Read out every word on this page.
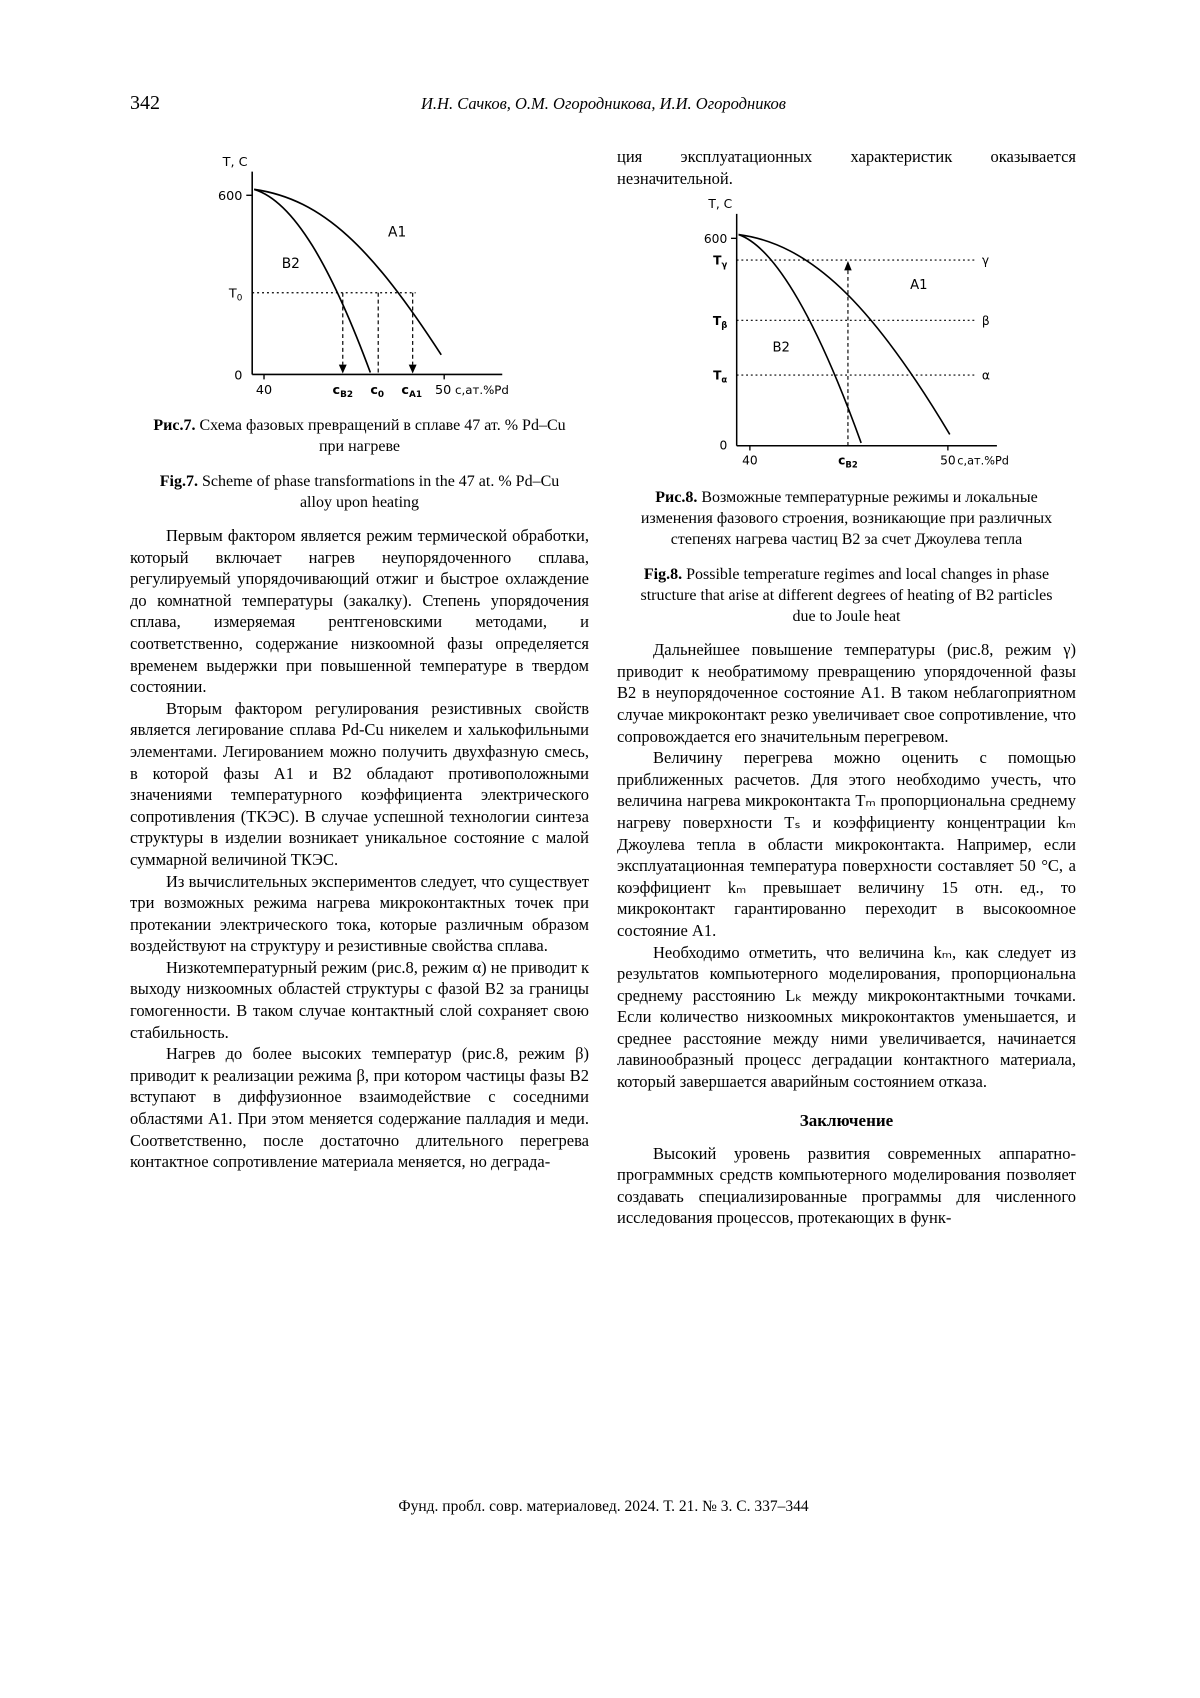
342	И.Н. Сачков, О.М. Огородникова, И.И. Огородников
T, C
600
$T_0$
0
B2
A1
40	$c_{B2}$ $c_0$ $c_{A1}$ 50 c,ат.%Pd

Рис.7. Схема фазовых превращений в сплаве 47 ат. % Pd–Cu при нагреве

Fig.7. Scheme of phase transformations in the 47 at. % Pd–Cu alloy upon heating

Первым фактором является режим термической обработки, который включает нагрев неупорядоченного сплава, регулируемый упорядочивающий отжиг и быстрое охлаждение до комнатной температуры (закалку). Степень упорядочения сплава, измеряемая рентгеновскими методами, и соответственно, содержание низкоомной фазы определяется временем выдержки при повышенной температуре в твердом состоянии.

Вторым фактором регулирования резистивных свойств является легирование сплава Pd-Cu никелем и халькофильными элементами. Легированием можно получить двухфазную смесь, в которой фазы A1 и B2 обладают противоположными значениями температурного коэффициента электрического сопротивления (ТКЭС). В случае успешной технологии синтеза структуры в изделии возникает уникальное состояние с малой суммарной величиной ТКЭС.

Из вычислительных экспериментов следует, что существует три возможных режима нагрева микроконтактных точек при протекании электрического тока, которые различным образом воздействуют на структуру и резистивные свойства сплава.

Низкотемпературный режим (рис.8, режим α) не приводит к выходу низкоомных областей структуры с фазой B2 за границы гомогенности. В таком случае контактный слой сохраняет свою стабильность.

Нагрев до более высоких температур (рис.8, режим β) приводит к реализации режима β, при котором частицы фазы B2 вступают в диффузионное взаимодействие с соседними областями A1. При этом меняется содержание палладия и меди. Соответственно, после достаточно длительного перегрева контактное сопротивление материала меняется, но деграда-

ция эксплуатационных характеристик оказывается незначительной.

T, C
600
$T_\gamma$
$T_\beta$
$T_\alpha$
0
γ
β
α
A1
B2
40	$c_{B2}$	50 c,ат.%Pd

Рис.8. Возможные температурные режимы и локальные изменения фазового строения, возникающие при различных степенях нагрева частиц B2 за счет Джоулева тепла

Fig.8. Possible temperature regimes and local changes in phase structure that arise at different degrees of heating of B2 particles due to Joule heat

Дальнейшее повышение температуры (рис.8, режим γ) приводит к необратимому превращению упорядоченной фазы B2 в неупорядоченное состояние A1. В таком неблагоприятном случае микроконтакт резко увеличивает свое сопротивление, что сопровождается его значительным перегревом.

Величину перегрева можно оценить с помощью приближенных расчетов. Для этого необходимо учесть, что величина нагрева микроконтакта Tₘ пропорциональна среднему нагреву поверхности Tₛ и коэффициенту концентрации kₘ Джоулева тепла в области микроконтакта. Например, если эксплуатационная температура поверхности составляет 50 °С, а коэффициент kₘ превышает величину 15 отн. ед., то микроконтакт гарантированно переходит в высокоомное состояние A1.

Необходимо отметить, что величина kₘ, как следует из результатов компьютерного моделирования, пропорциональна среднему расстоянию Lₖ между микроконтактными точками. Если количество низкоомных микроконтактов уменьшается, и среднее расстояние между ними увеличивается, начинается лавинообразный процесс деградации контактного материала, который завершается аварийным состоянием отказа.

Заключение

Высокий уровень развития современных аппаратно-программных средств компьютерного моделирования позволяет создавать специализированные программы для численного исследования процессов, протекающих в функ-

Фунд. пробл. совр. материаловед. 2024. Т. 21. № 3. С. 337–344
